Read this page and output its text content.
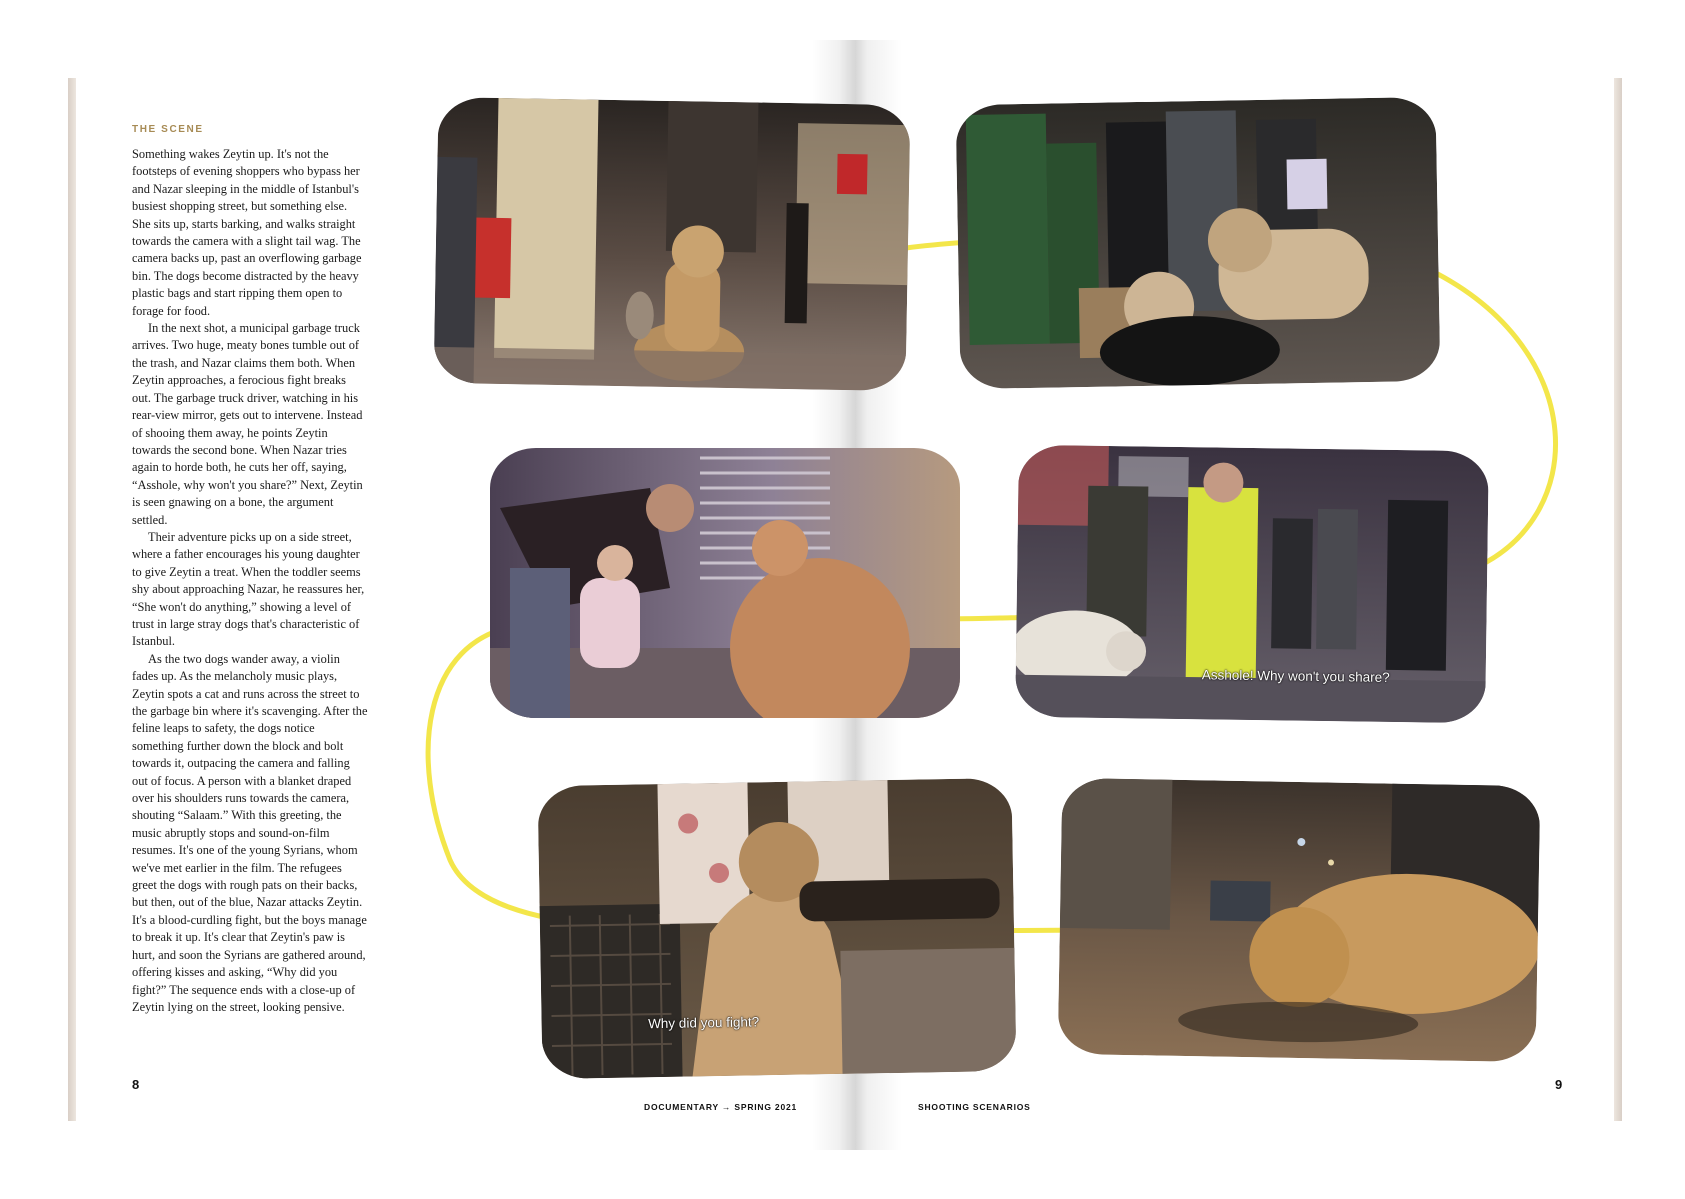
THE SCENE

Something wakes Zeytin up. It's not the footsteps of evening shoppers who bypass her and Nazar sleeping in the middle of Istanbul's busiest shopping street, but something else. She sits up, starts barking, and walks straight towards the camera with a slight tail wag. The camera backs up, past an overflowing garbage bin. The dogs become distracted by the heavy plastic bags and start ripping them open to forage for food.

In the next shot, a municipal garbage truck arrives. Two huge, meaty bones tumble out of the trash, and Nazar claims them both. When Zeytin approaches, a ferocious fight breaks out. The garbage truck driver, watching in his rear-view mirror, gets out to intervene. Instead of shooing them away, he points Zeytin towards the second bone. When Nazar tries again to horde both, he cuts her off, saying, “Asshole, why won't you share?” Next, Zeytin is seen gnawing on a bone, the argument settled.

Their adventure picks up on a side street, where a father encourages his young daughter to give Zeytin a treat. When the toddler seems shy about approaching Nazar, he reassures her, “She won't do anything,” showing a level of trust in large stray dogs that's characteristic of Istanbul.

As the two dogs wander away, a violin fades up. As the melancholy music plays, Zeytin spots a cat and runs across the street to the garbage bin where it's scavenging. After the feline leaps to safety, the dogs notice something further down the block and bolt towards it, outpacing the camera and falling out of focus. A person with a blanket draped over his shoulders runs towards the camera, shouting “Salaam.” With this greeting, the music abruptly stops and sound-on-film resumes. It's one of the young Syrians, whom we've met earlier in the film. The refugees greet the dogs with rough pats on their backs, but then, out of the blue, Nazar attacks Zeytin. It's a blood-curdling fight, but the boys manage to break it up. It's clear that Zeytin's paw is hurt, and soon the Syrians are gathered around, offering kisses and asking, “Why did you fight?” The sequence ends with a close-up of Zeytin lying on the street, looking pensive.

Asshole! Why won't you share?
Why did you fight?
8	9
DOCUMENTARY → SPRING 2021	SHOOTING SCENARIOS
